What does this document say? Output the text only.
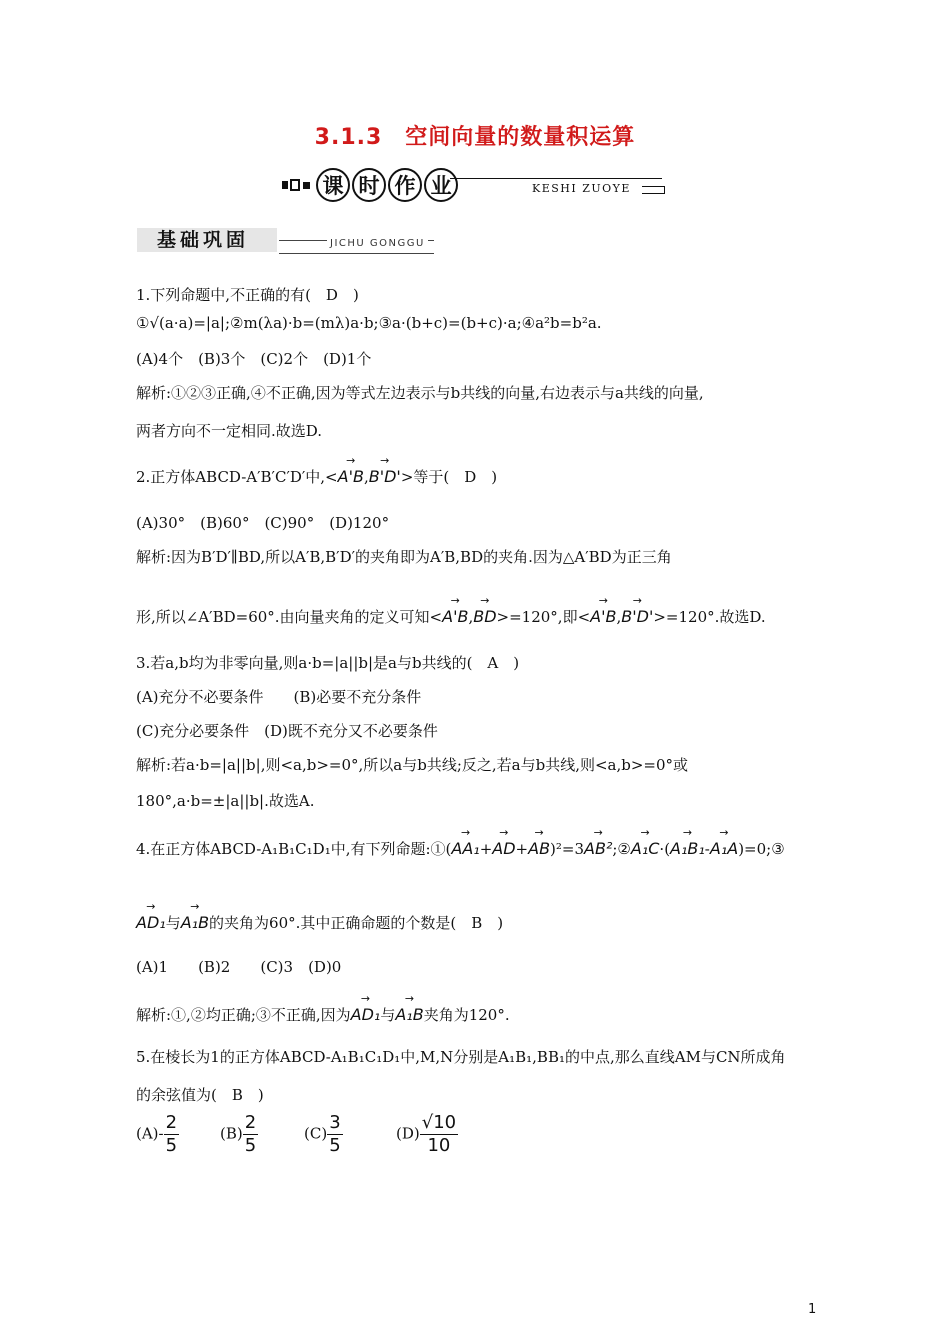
3.1.3　空间向量的数量积运算
课 时 作 业	KESHI ZUOYE
基础巩固	JICHU GONGGU
1.下列命题中,不正确的有(　D　)
①√(a·a)=|a|;②m(λa)·b=(mλ)a·b;③a·(b+c)=(b+c)·a;④a²b=b²a.
(A)4个　(B)3个　(C)2个　(D)1个
解析:①②③正确,④不正确,因为等式左边表示与b共线的向量,右边表示与a共线的向量,
两者方向不一定相同.故选D.
2.正方体ABCD-A′B′C′D′中,<→ A'B,→ B'D'>等于(　D　)
(A)30°　(B)60°　(C)90°　(D)120°
解析:因为B′D′∥BD,所以A′B,B′D′的夹角即为A′B,BD的夹角.因为△A′BD为正三角
形,所以∠A′BD=60°.由向量夹角的定义可知<→ A'B,→ BD>=120°,即<→ A'B,→ B'D'>=120°.故选D.
3.若a,b均为非零向量,则a·b=|a||b|是a与b共线的(　A　)
(A)充分不必要条件　　(B)必要不充分条件
(C)充分必要条件　(D)既不充分又不必要条件
解析:若a·b=|a||b|,则<a,b>=0°,所以a与b共线;反之,若a与b共线,则<a,b>=0°或
180°,a·b=±|a||b|.故选A.
4.在正方体ABCD-A₁B₁C₁D₁中,有下列命题:①(→ AA₁+→ AD+→ AB)²=3→ AB²;②→ A₁C·(→ A₁B₁-→ A₁A)=0;③
→ AD₁与→ A₁B的夹角为60°.其中正确命题的个数是(　B　)
(A)1　　(B)2　　(C)3　(D)0
解析:①,②均正确;③不正确,因为→ AD₁与→ A₁B夹角为120°.
5.在棱长为1的正方体ABCD-A₁B₁C₁D₁中,M,N分别是A₁B₁,BB₁的中点,那么直线AM与CN所成角
的余弦值为(　B　)
$(A)- \frac{2}{5}$	$(B) \frac{2}{5}$	$(C) \frac{3}{5}$	$(D) \frac{√10}{10}$
1
